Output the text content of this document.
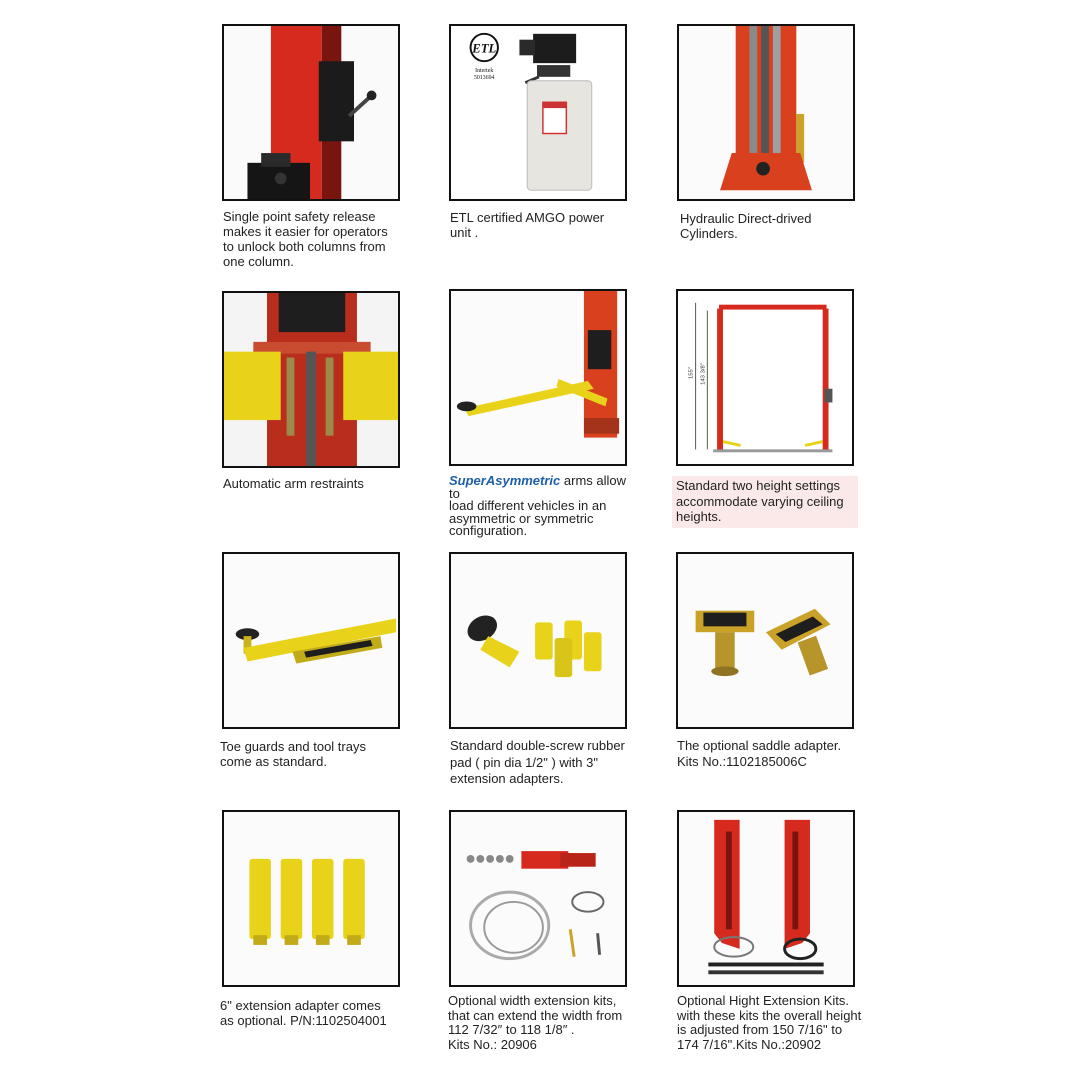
Single point safety release
makes it easier for operators
to unlock both columns from
one column.
ETL
Intertek 5013694
ETL certified AMGO power
unit .
Hydraulic Direct-drived
Cylinders.
Automatic arm restraints	SuperAsymmetric arms allow to
load different vehicles in an
asymmetric or symmetric
configuration.
155" 143 3/8"
Standard two height settings
accommodate varying ceiling
heights.
Toe guards and tool trays
come as standard.
Standard double-screw rubber
pad ( pin dia 1/2" ) with 3"
extension adapters.
The optional saddle adapter.
Kits No.:1102185006C
6" extension adapter comes
as optional. P/N:1102504001
Optional width extension kits,
that can extend the width from
112 7/32″ to 118 1/8″ .
Kits No.: 20906
Optional Hight Extension Kits.
with these kits the overall height
is adjusted from 150 7/16" to
174 7/16".Kits No.:20902
